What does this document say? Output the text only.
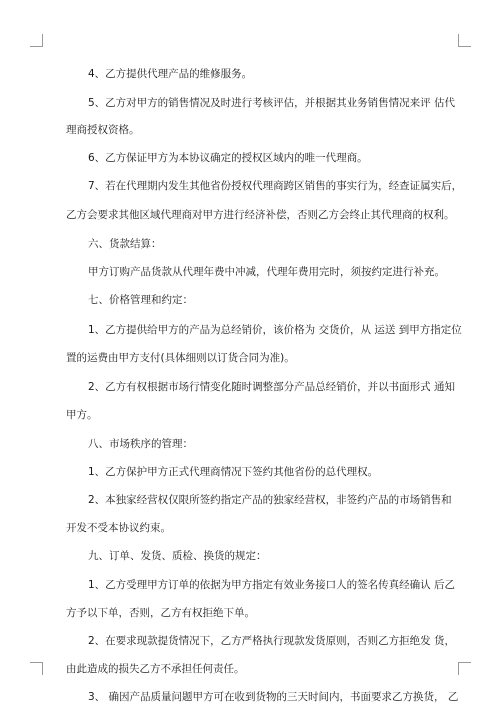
4、乙方提供代理产品的维修服务。
5、乙方对甲方的销售情况及时进行考核评估，并根据其业务销售情况来评 估代
理商授权资格。
6、乙方保证甲方为本协议确定的授权区域内的唯一代理商。
7、若在代理期内发生其他省份授权代理商跨区销售的事实行为，经查证属实后，
乙方会要求其他区域代理商对甲方进行经济补偿，否则乙方会终止其代理商的权利。
六、货款结算：
甲方订购产品货款从代理年费中冲减，代理年费用完时，须按约定进行补充。
七、价格管理和约定：
1、乙方提供给甲方的产品为总经销价，该价格为 交货价，从 运送 到甲方指定位
置的运费由甲方支付(具体细则以订货合同为准)。
2、乙方有权根据市场行情变化随时调整部分产品总经销价，并以书面形式 通知
甲方。
八、市场秩序的管理：
1、乙方保护甲方正式代理商情况下签约其他省份的总代理权。
2、本独家经营权仅限所签约指定产品的独家经营权，非签约产品的市场销售和
开发不受本协议约束。
九、订单、发货、质检、换货的规定：
1、乙方受理甲方订单的依据为甲方指定有效业务接口人的签名传真经确认 后乙
方予以下单，否则，乙方有权拒绝下单。
2、在要求现款提货情况下，乙方严格执行现款发货原则，否则乙方拒绝发 货，
由此造成的损失乙方不承担任何责任。
3、 确因产品质量问题甲方可在收到货物的三天时间内，书面要求乙方换货， 乙
